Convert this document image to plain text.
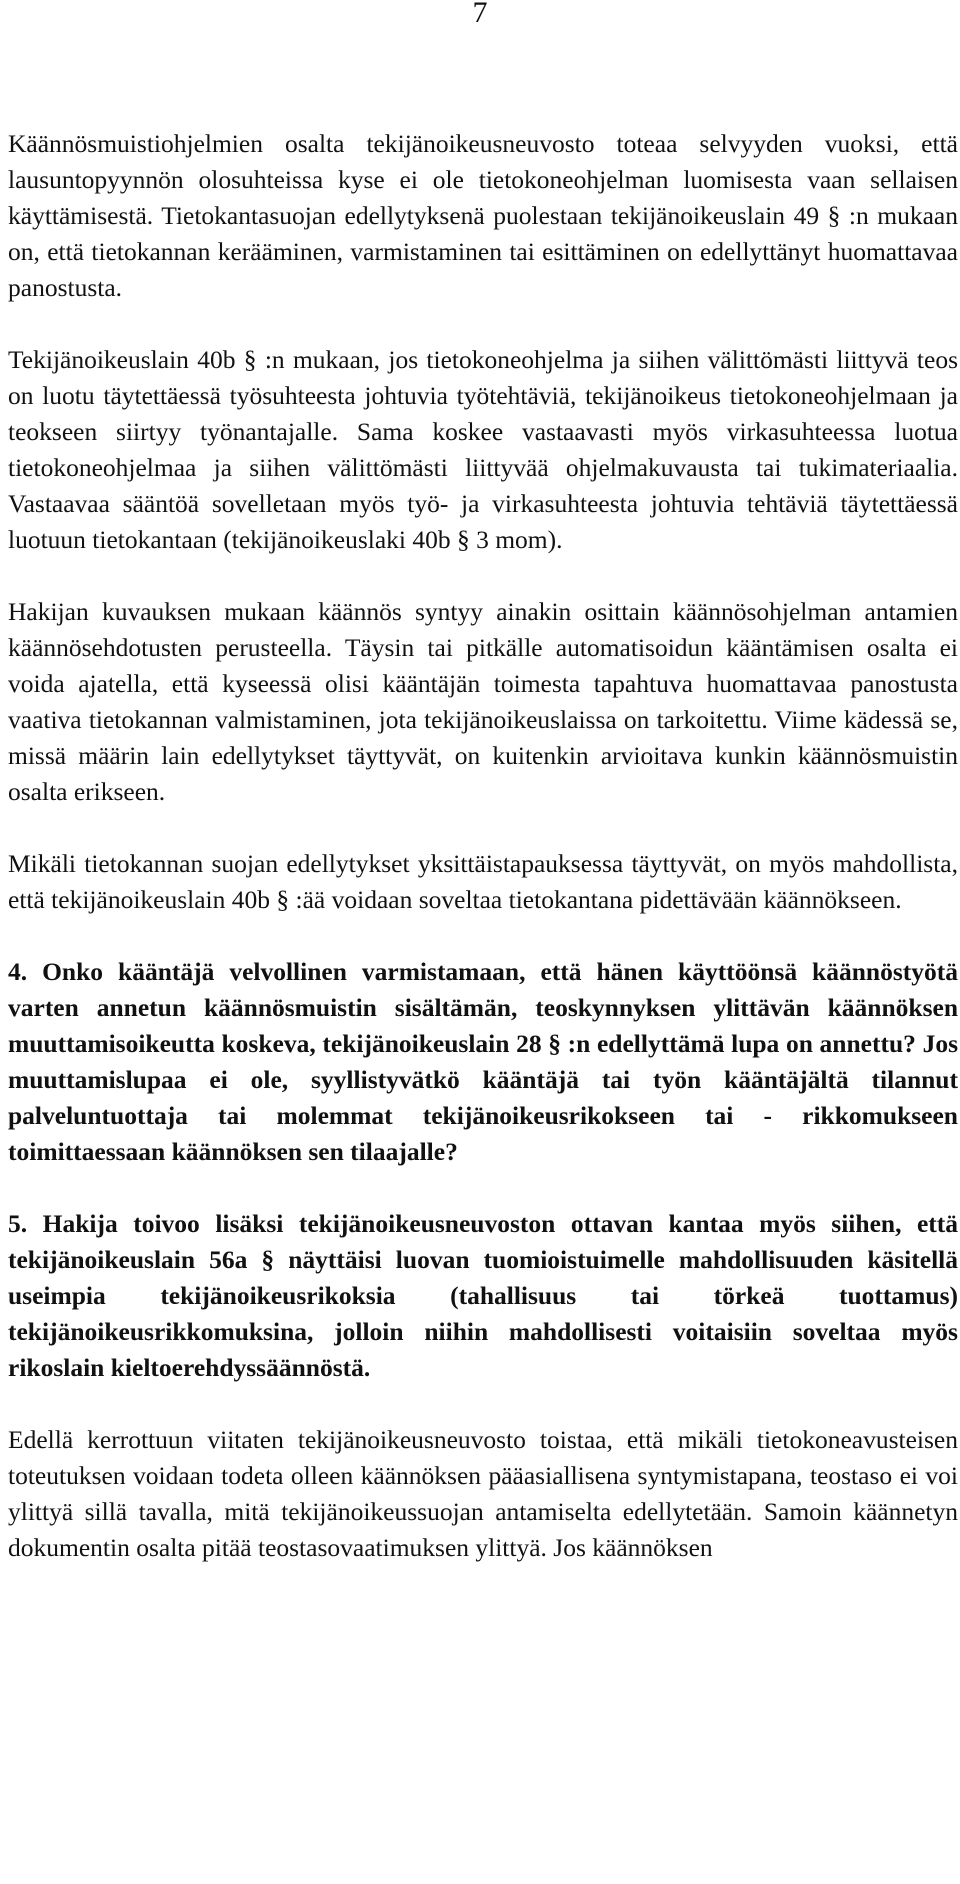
7

Käännösmuistiohjelmien osalta tekijänoikeusneuvosto toteaa selvyyden vuoksi, että lausuntopyynnön olosuhteissa kyse ei ole tietokoneohjelman luomisesta vaan sellaisen käyttämisestä. Tietokantasuojan edellytyksenä puolestaan tekijänoikeuslain 49 § :n mukaan on, että tietokannan kerääminen, varmistaminen tai esittäminen on edellyttänyt huomattavaa panostusta.

Tekijänoikeuslain 40b § :n mukaan, jos tietokoneohjelma ja siihen välittömästi liittyvä teos on luotu täytettäessä työsuhteesta johtuvia työtehtäviä, tekijänoikeus tietokoneohjelmaan ja teokseen siirtyy työnantajalle. Sama koskee vastaavasti myös virkasuhteessa luotua tietokoneohjelmaa ja siihen välittömästi liittyvää ohjelmakuvausta tai tukimateriaalia. Vastaavaa sääntöä sovelletaan myös työ- ja virkasuhteesta johtuvia tehtäviä täytettäessä luotuun tietokantaan (tekijänoikeuslaki 40b § 3 mom).

Hakijan kuvauksen mukaan käännös syntyy ainakin osittain käännösohjelman antamien käännösehdotusten perusteella. Täysin tai pitkälle automatisoidun kääntämisen osalta ei voida ajatella, että kyseessä olisi kääntäjän toimesta tapahtuva huomattavaa panostusta vaativa tietokannan valmistaminen, jota tekijänoikeuslaissa on tarkoitettu. Viime kädessä se, missä määrin lain edellytykset täyttyvät, on kuitenkin arvioitava kunkin käännösmuistin osalta erikseen.

Mikäli tietokannan suojan edellytykset yksittäistapauksessa täyttyvät, on myös mahdollista, että tekijänoikeuslain 40b § :ää voidaan soveltaa tietokantana pidettävään käännökseen.

4. Onko kääntäjä velvollinen varmistamaan, että hänen käyttöönsä käännöstyötä varten annetun käännösmuistin sisältämän, teoskynnyksen ylittävän käännöksen muuttamisoikeutta koskeva, tekijänoikeuslain 28 § :n edellyttämä lupa on annettu? Jos muuttamislupaa ei ole, syyllistyvätkö kääntäjä tai työn kääntäjältä tilannut palveluntuottaja tai molemmat tekijänoikeusrikokseen tai - rikkomukseen toimittaessaan käännöksen sen tilaajalle?

5. Hakija toivoo lisäksi tekijänoikeusneuvoston ottavan kantaa myös siihen, että tekijänoikeuslain 56a § näyttäisi luovan tuomioistuimelle mahdollisuuden käsitellä useimpia tekijänoikeusrikoksia (tahallisuus tai törkeä tuottamus) tekijänoikeusrikkomuksina, jolloin niihin mahdollisesti voitaisiin soveltaa myös rikoslain kieltoerehdyssäännöstä.

Edellä kerrottuun viitaten tekijänoikeusneuvosto toistaa, että mikäli tietokoneavusteisen toteutuksen voidaan todeta olleen käännöksen pääasiallisena syntymistapana, teostaso ei voi ylittyä sillä tavalla, mitä tekijänoikeussuojan antamiselta edellytetään. Samoin käännetyn dokumentin osalta pitää teostasovaatimuksen ylittyä. Jos käännöksen
